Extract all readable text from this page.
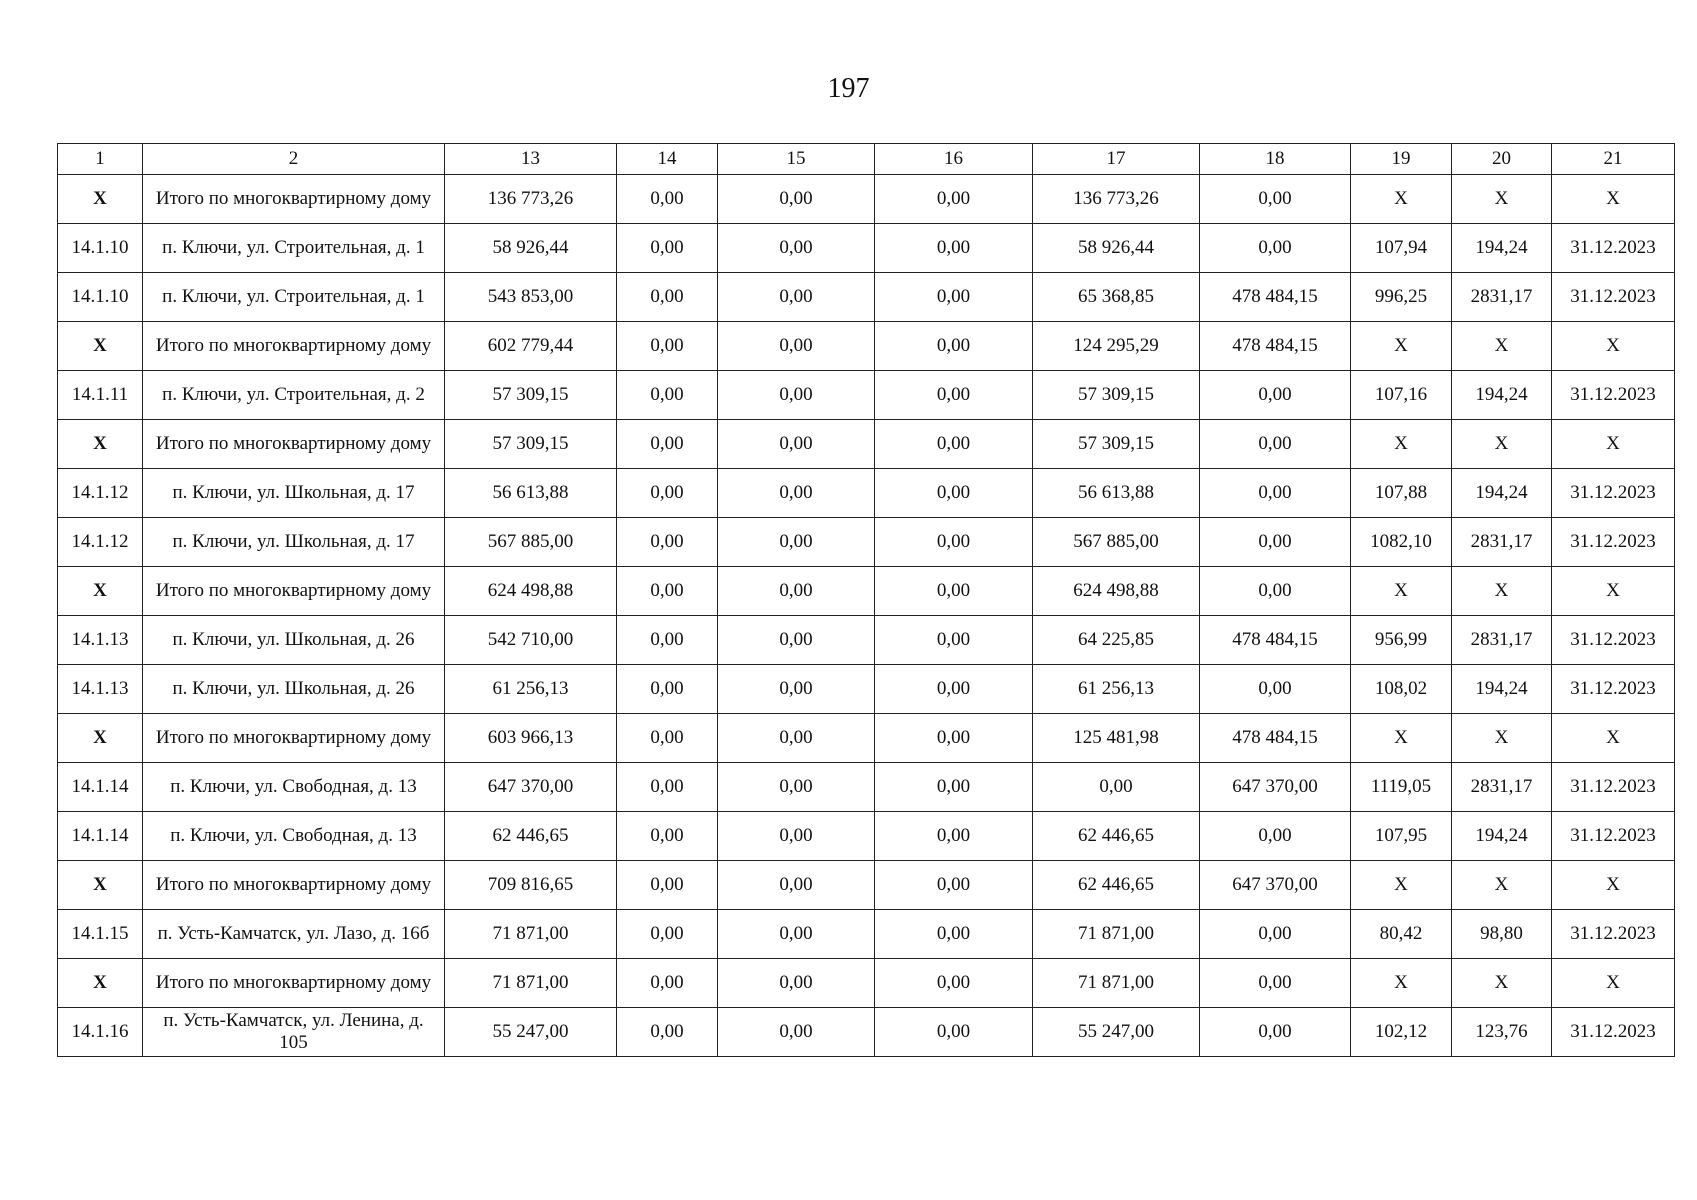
197
1	2	13	14	15	16	17	18	19	20	21
X	Итого по многоквартирному дому	136 773,26	0,00	0,00	0,00	136 773,26	0,00	X	X	X
14.1.10	п. Ключи, ул. Строительная, д. 1	58 926,44	0,00	0,00	0,00	58 926,44	0,00	107,94	194,24	31.12.2023
14.1.10	п. Ключи, ул. Строительная, д. 1	543 853,00	0,00	0,00	0,00	65 368,85	478 484,15	996,25	2831,17	31.12.2023
X	Итого по многоквартирному дому	602 779,44	0,00	0,00	0,00	124 295,29	478 484,15	X	X	X
14.1.11	п. Ключи, ул. Строительная, д. 2	57 309,15	0,00	0,00	0,00	57 309,15	0,00	107,16	194,24	31.12.2023
X	Итого по многоквартирному дому	57 309,15	0,00	0,00	0,00	57 309,15	0,00	X	X	X
14.1.12	п. Ключи, ул. Школьная, д. 17	56 613,88	0,00	0,00	0,00	56 613,88	0,00	107,88	194,24	31.12.2023
14.1.12	п. Ключи, ул. Школьная, д. 17	567 885,00	0,00	0,00	0,00	567 885,00	0,00	1082,10	2831,17	31.12.2023
X	Итого по многоквартирному дому	624 498,88	0,00	0,00	0,00	624 498,88	0,00	X	X	X
14.1.13	п. Ключи, ул. Школьная, д. 26	542 710,00	0,00	0,00	0,00	64 225,85	478 484,15	956,99	2831,17	31.12.2023
14.1.13	п. Ключи, ул. Школьная, д. 26	61 256,13	0,00	0,00	0,00	61 256,13	0,00	108,02	194,24	31.12.2023
X	Итого по многоквартирному дому	603 966,13	0,00	0,00	0,00	125 481,98	478 484,15	X	X	X
14.1.14	п. Ключи, ул. Свободная, д. 13	647 370,00	0,00	0,00	0,00	0,00	647 370,00	1119,05	2831,17	31.12.2023
14.1.14	п. Ключи, ул. Свободная, д. 13	62 446,65	0,00	0,00	0,00	62 446,65	0,00	107,95	194,24	31.12.2023
X	Итого по многоквартирному дому	709 816,65	0,00	0,00	0,00	62 446,65	647 370,00	X	X	X
14.1.15	п. Усть-Камчатск, ул. Лазо, д. 16б	71 871,00	0,00	0,00	0,00	71 871,00	0,00	80,42	98,80	31.12.2023
X	Итого по многоквартирному дому	71 871,00	0,00	0,00	0,00	71 871,00	0,00	X	X	X
14.1.16	п. Усть-Камчатск, ул. Ленина, д. 105	55 247,00	0,00	0,00	0,00	55 247,00	0,00	102,12	123,76	31.12.2023
